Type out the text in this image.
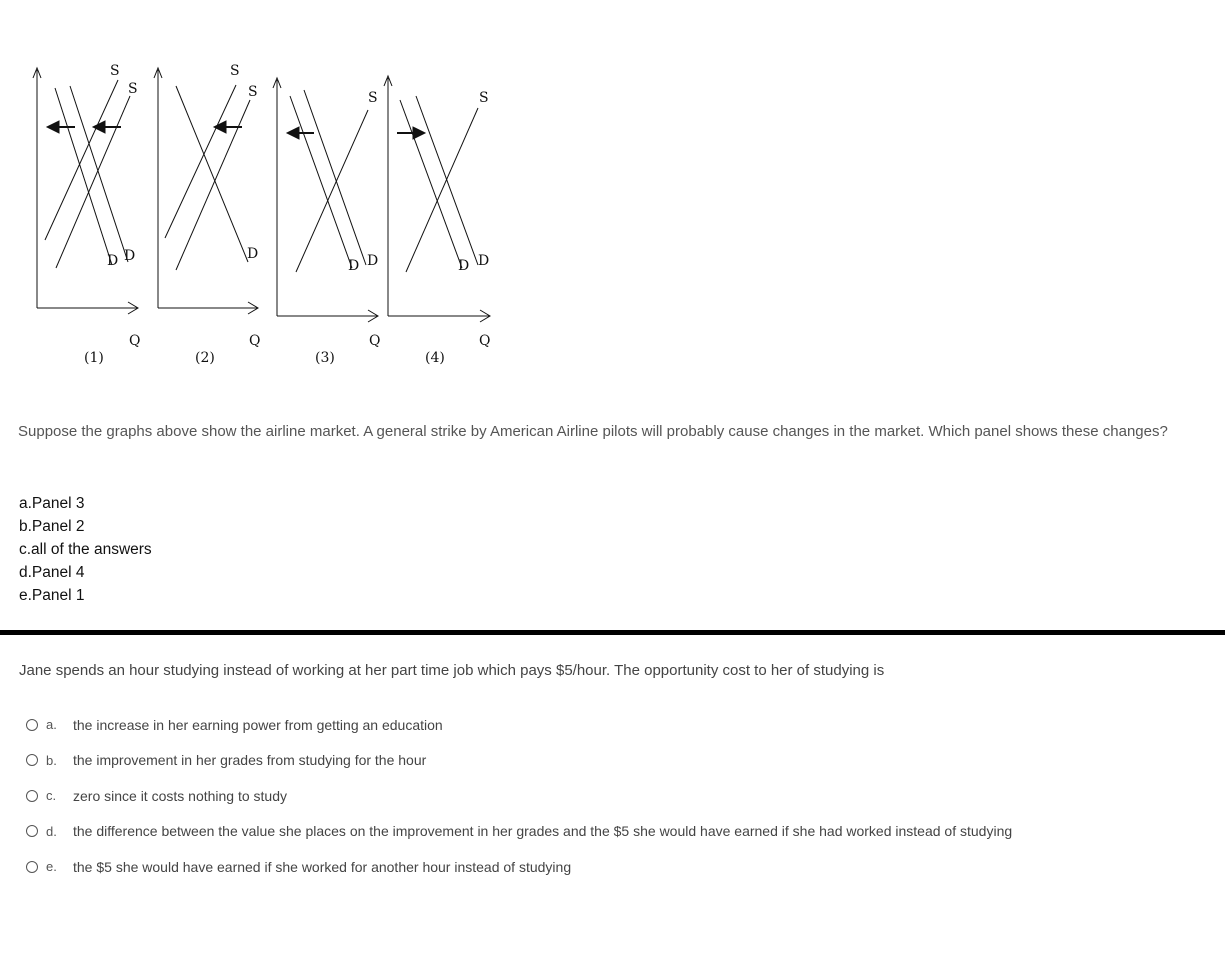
S
S
D D
Q
(1)
S
S
D
Q
(2)
S
D D
Q
(3)
S
D D
Q
(4)
Suppose the graphs above show the airline market. A general strike by American Airline pilots will probably cause changes in the market. Which panel shows these changes?
a.Panel 3
b.Panel 2
c.all of the answers
d.Panel 4
e.Panel 1
Jane spends an hour studying instead of working at her part time job which pays $5/hour. The opportunity cost to her of studying is
a.	the increase in her earning power from getting an education
b.	the improvement in her grades from studying for the hour
c.	zero since it costs nothing to study
d.	the difference between the value she places on the improvement in her grades and the $5 she would have earned if she had worked instead of studying
e.	the $5 she would have earned if she worked for another hour instead of studying
